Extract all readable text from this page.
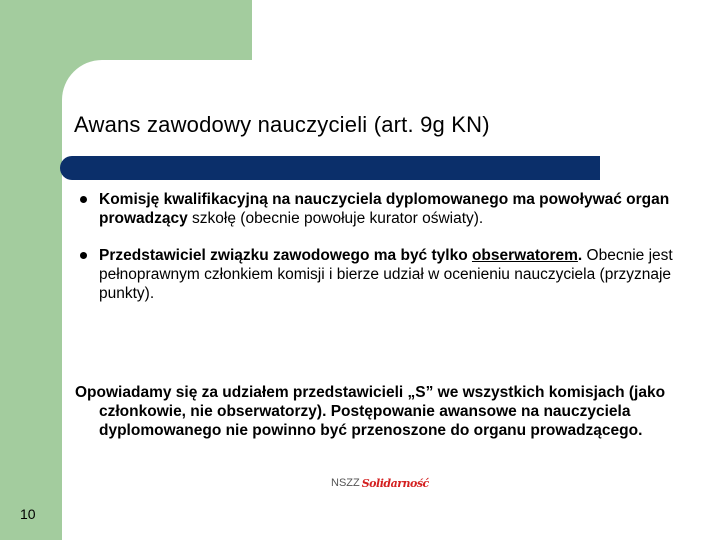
Awans zawodowy nauczycieli (art. 9g KN)
Komisję kwalifikacyjną na nauczyciela dyplomowanego ma powoływać organ prowadzący szkołę (obecnie powołuje kurator oświaty).
Przedstawiciel związku zawodowego ma być tylko obserwatorem. Obecnie jest pełnoprawnym członkiem komisji i bierze udział w ocenieniu nauczyciela (przyznaje punkty).
Opowiadamy się za udziałem przedstawicieli „S” we wszystkich komisjach (jako członkowie, nie obserwatorzy). Postępowanie awansowe na nauczyciela dyplomowanego nie powinno być przenoszone do organu prowadzącego.
NSZZ Solidarność
10
